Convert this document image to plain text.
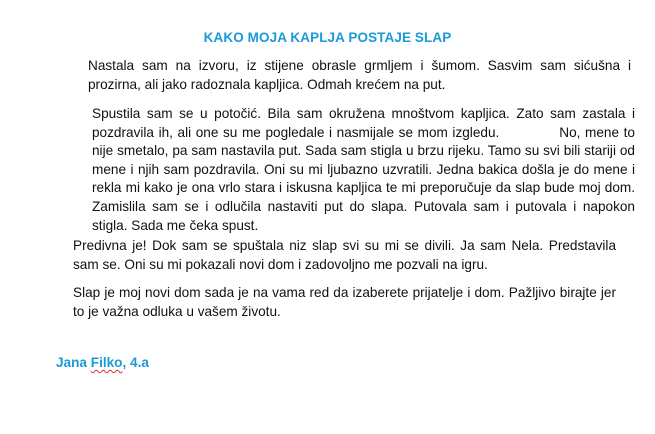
KAKO MOJA KAPLJA POSTAJE SLAP
Nastala sam na izvoru, iz stijene obrasle grmljem i šumom. Sasvim sam sićušna i prozirna, ali jako radoznala kapljica. Odmah krećem na put.
Spustila sam se u potočić. Bila sam okružena mnoštvom kapljica. Zato sam zastala i pozdravila ih, ali one su me pogledale i nasmijale se mom izgledu.	No, mene to nije smetalo, pa sam nastavila put. Sada sam stigla u brzu rijeku. Tamo su svi bili stariji od mene i njih sam pozdravila. Oni su mi ljubazno uzvratili. Jedna bakica došla je do mene i rekla mi kako je ona vrlo stara i iskusna kapljica te mi preporučuje da slap bude moj dom. Zamislila sam se i odlučila nastaviti put do slapa. Putovala sam i putovala i napokon stigla. Sada me čeka spust.
Predivna je! Dok sam se spuštala niz slap svi su mi se divili. Ja sam Nela. Predstavila sam se. Oni su mi pokazali novi dom i zadovoljno me pozvali na igru.
Slap je moj novi dom sada je na vama red da izaberete prijatelje i dom. Pažljivo birajte jer to je važna odluka u vašem životu.
Jana Filko, 4.a
